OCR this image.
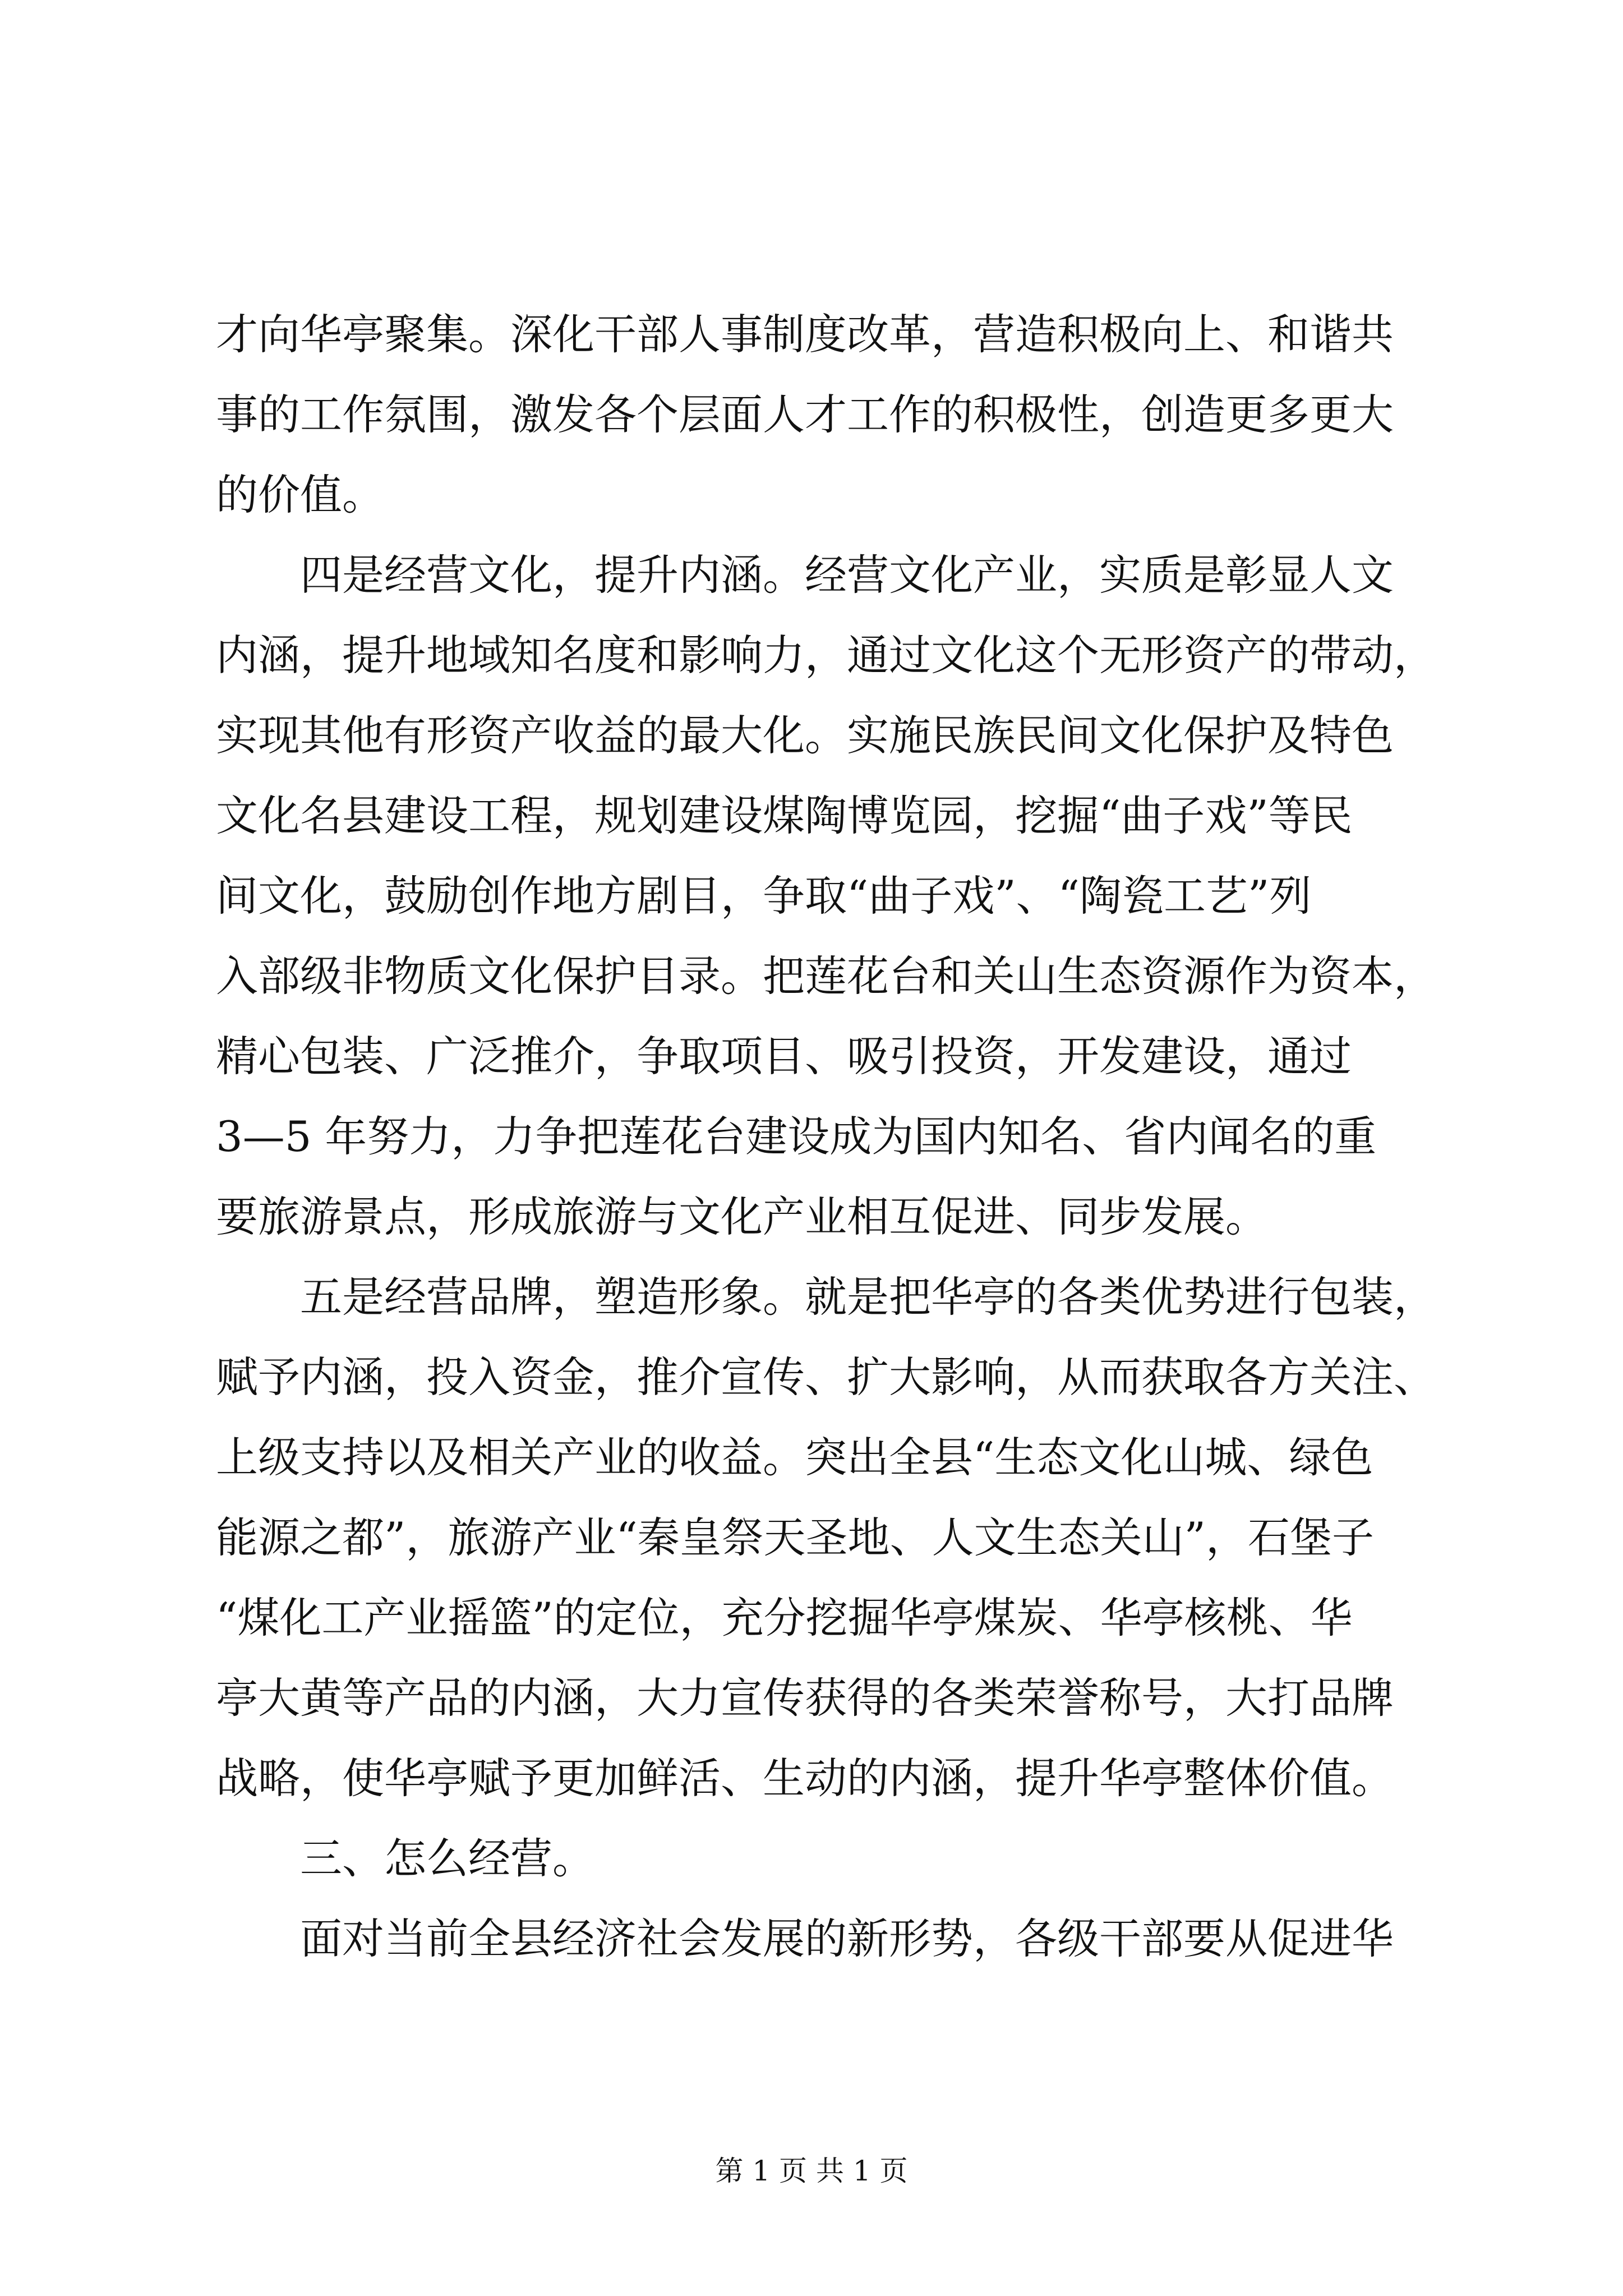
才向华亭聚集。深化干部人事制度改革，营造积极向上、和谐共
事的工作氛围，激发各个层面人才工作的积极性，创造更多更大
的价值。
　　四是经营文化，提升内涵。经营文化产业，实质是彰显人文
内涵，提升地域知名度和影响力，通过文化这个无形资产的带动，
实现其他有形资产收益的最大化。实施民族民间文化保护及特色
文化名县建设工程，规划建设煤陶博览园，挖掘“曲子戏”等民
间文化，鼓励创作地方剧目，争取“曲子戏”、“陶瓷工艺”列
入部级非物质文化保护目录。把莲花台和关山生态资源作为资本，
精心包装、广泛推介，争取项目、吸引投资，开发建设，通过
3—5 年努力，力争把莲花台建设成为国内知名、省内闻名的重
要旅游景点，形成旅游与文化产业相互促进、同步发展。
　　五是经营品牌，塑造形象。就是把华亭的各类优势进行包装，
赋予内涵，投入资金，推介宣传、扩大影响，从而获取各方关注、
上级支持以及相关产业的收益。突出全县“生态文化山城、绿色
能源之都”，旅游产业“秦皇祭天圣地、人文生态关山”，石堡子
“煤化工产业摇篮”的定位，充分挖掘华亭煤炭、华亭核桃、华
亭大黄等产品的内涵，大力宣传获得的各类荣誉称号，大打品牌
战略，使华亭赋予更加鲜活、生动的内涵，提升华亭整体价值。
　　三、怎么经营。
　　面对当前全县经济社会发展的新形势，各级干部要从促进华
第 1 页 共 1 页
